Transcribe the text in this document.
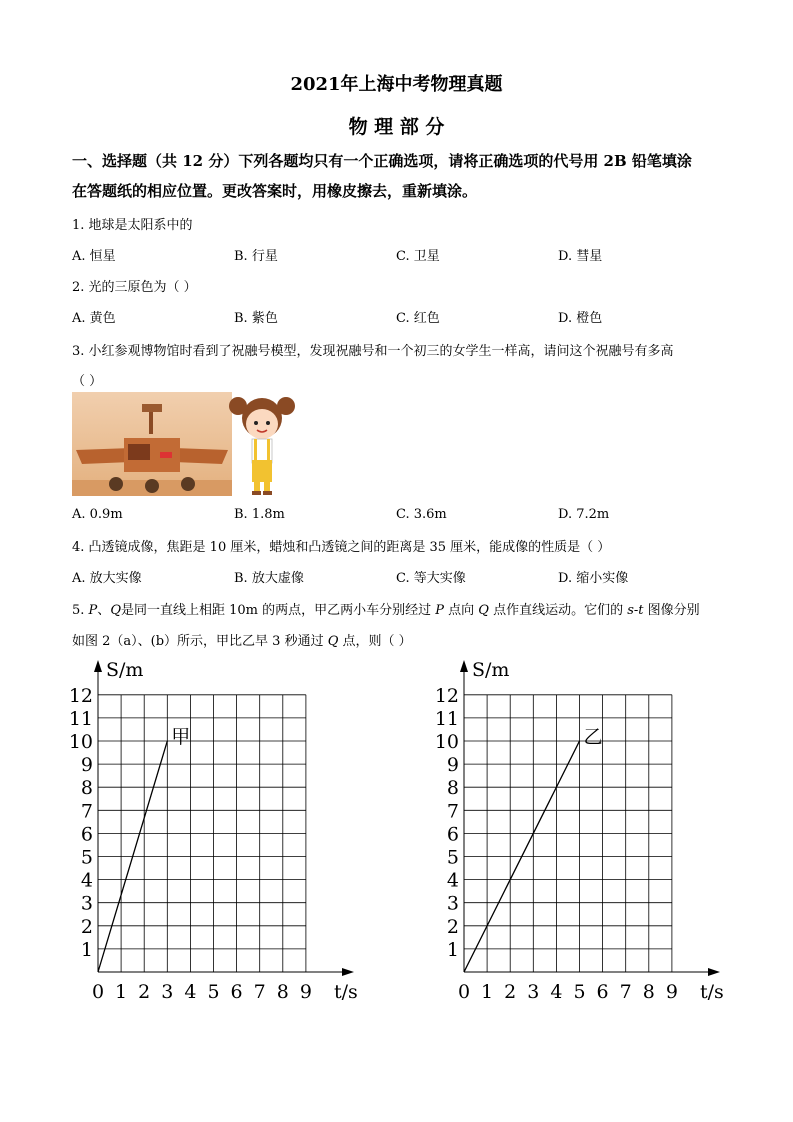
2021年上海中考物理真题
物 理 部 分
一、选择题（共 12 分）下列各题均只有一个正确选项，请将正确选项的代号用 2B 铅笔填涂
在答题纸的相应位置。更改答案时，用橡皮擦去，重新填涂。
1. 地球是太阳系中的
A. 恒星	B. 行星	C. 卫星	D. 彗星
2. 光的三原色为（ ）
A. 黄色	B. 紫色	C. 红色	D. 橙色
3. 小红参观博物馆时看到了祝融号模型，发现祝融号和一个初三的女学生一样高，请问这个祝融号有多高
（ ）
A. 0.9m	B. 1.8m	C. 3.6m	D. 7.2m
4. 凸透镜成像，焦距是 10 厘米，蜡烛和凸透镜之间的距离是 35 厘米，能成像的性质是（ ）
A. 放大实像	B. 放大虚像	C. 等大实像	D. 缩小实像
5. P、Q是同一直线上相距 10m 的两点，甲乙两小车分别经过 P 点向 Q 点作直线运动。它们的 s-t 图像分别
如图 2（a）、(b）所示，甲比乙早 3 秒通过 Q 点，则（ ）
S/m
t/s
1
2
3
4
5
6
7
8
9
10
11
12
0 1 2 3 4 5 6 7 8 9
甲
S/m
t/s
1
2
3
4
5
6
7
8
9
10
11
12
0 1 2 3 4 5 6 7 8 9
乙
